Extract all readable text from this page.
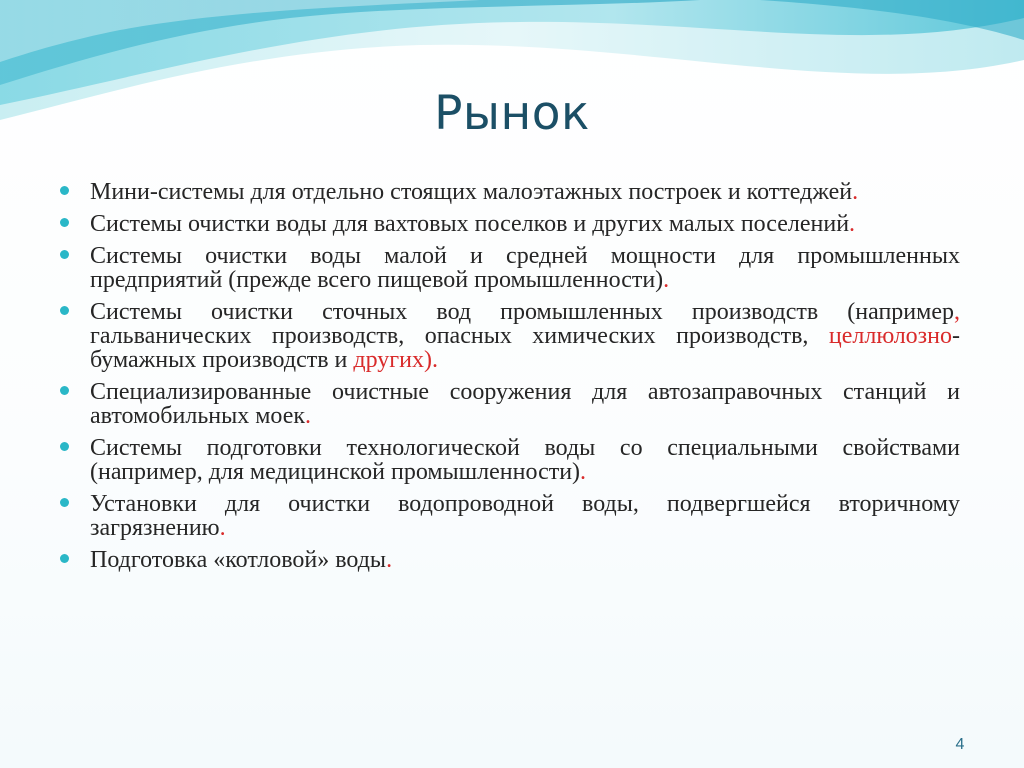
Рынок
Мини-системы для отдельно стоящих малоэтажных построек и коттеджей.
Системы очистки воды для вахтовых поселков и других малых поселений.
Системы очистки воды малой и средней мощности для промышленных предприятий (прежде всего пищевой промышленности).
Системы очистки сточных вод промышленных производств (например, гальванических производств, опасных химических производств, целлюлозно-бумажных производств и других).
Специализированные очистные сооружения для автозаправочных станций и автомобильных моек.
Системы подготовки технологической воды со специальными свойствами (например, для медицинской промышленности).
Установки для очистки водопроводной воды, подвергшейся вторичному загрязнению.
Подготовка «котловой» воды.
4
